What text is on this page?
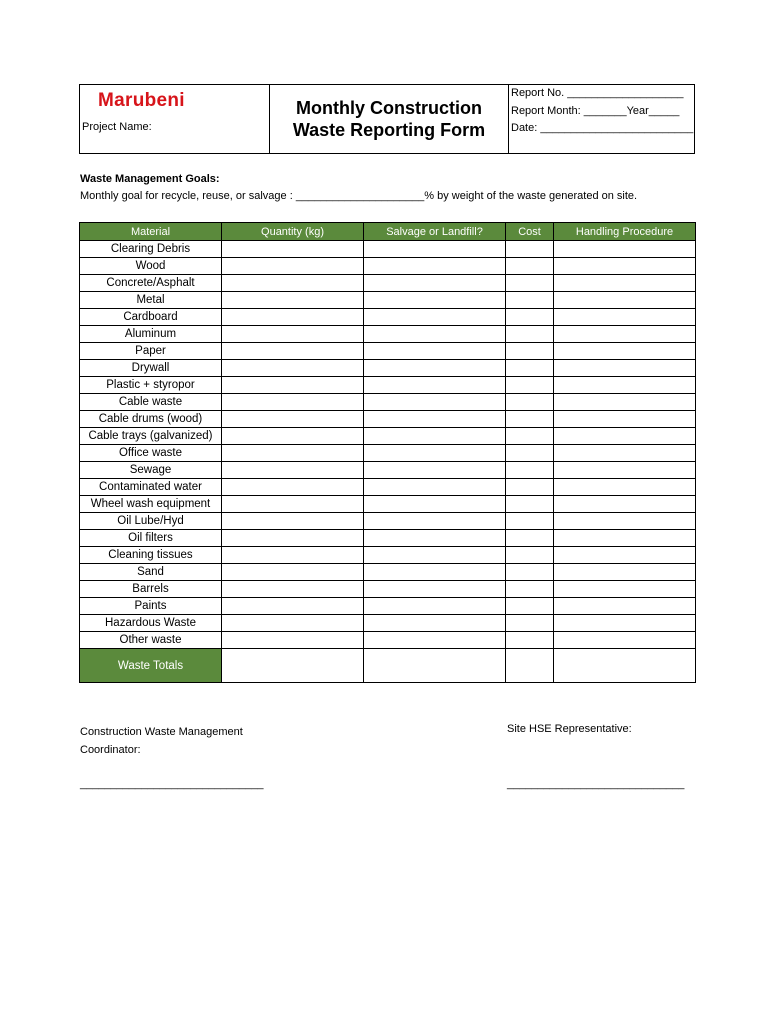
Marubeni
Project Name:
Monthly Construction
Waste Reporting Form
Report No. ___________________
Report Month: _______Year_____
Date: _________________________
Waste Management Goals:
Monthly goal for recycle, reuse, or salvage : _____________________% by weight of the waste generated on site.
Material	Quantity (kg)	Salvage or Landfill?	Cost	Handling Procedure
Clearing Debris				
Wood				
Concrete/Asphalt				
Metal				
Cardboard				
Aluminum				
Paper				
Drywall				
Plastic + styropor				
Cable waste				
Cable drums (wood)				
Cable trays (galvanized)				
Office waste				
Sewage				
Contaminated water				
Wheel wash equipment				
Oil Lube/Hyd				
Oil filters				
Cleaning tissues				
Sand				
Barrels				
Paints				
Hazardous Waste				
Other waste				
Waste Totals				
Construction Waste Management
Coordinator:
Site HSE Representative:
______________________________	_____________________________
